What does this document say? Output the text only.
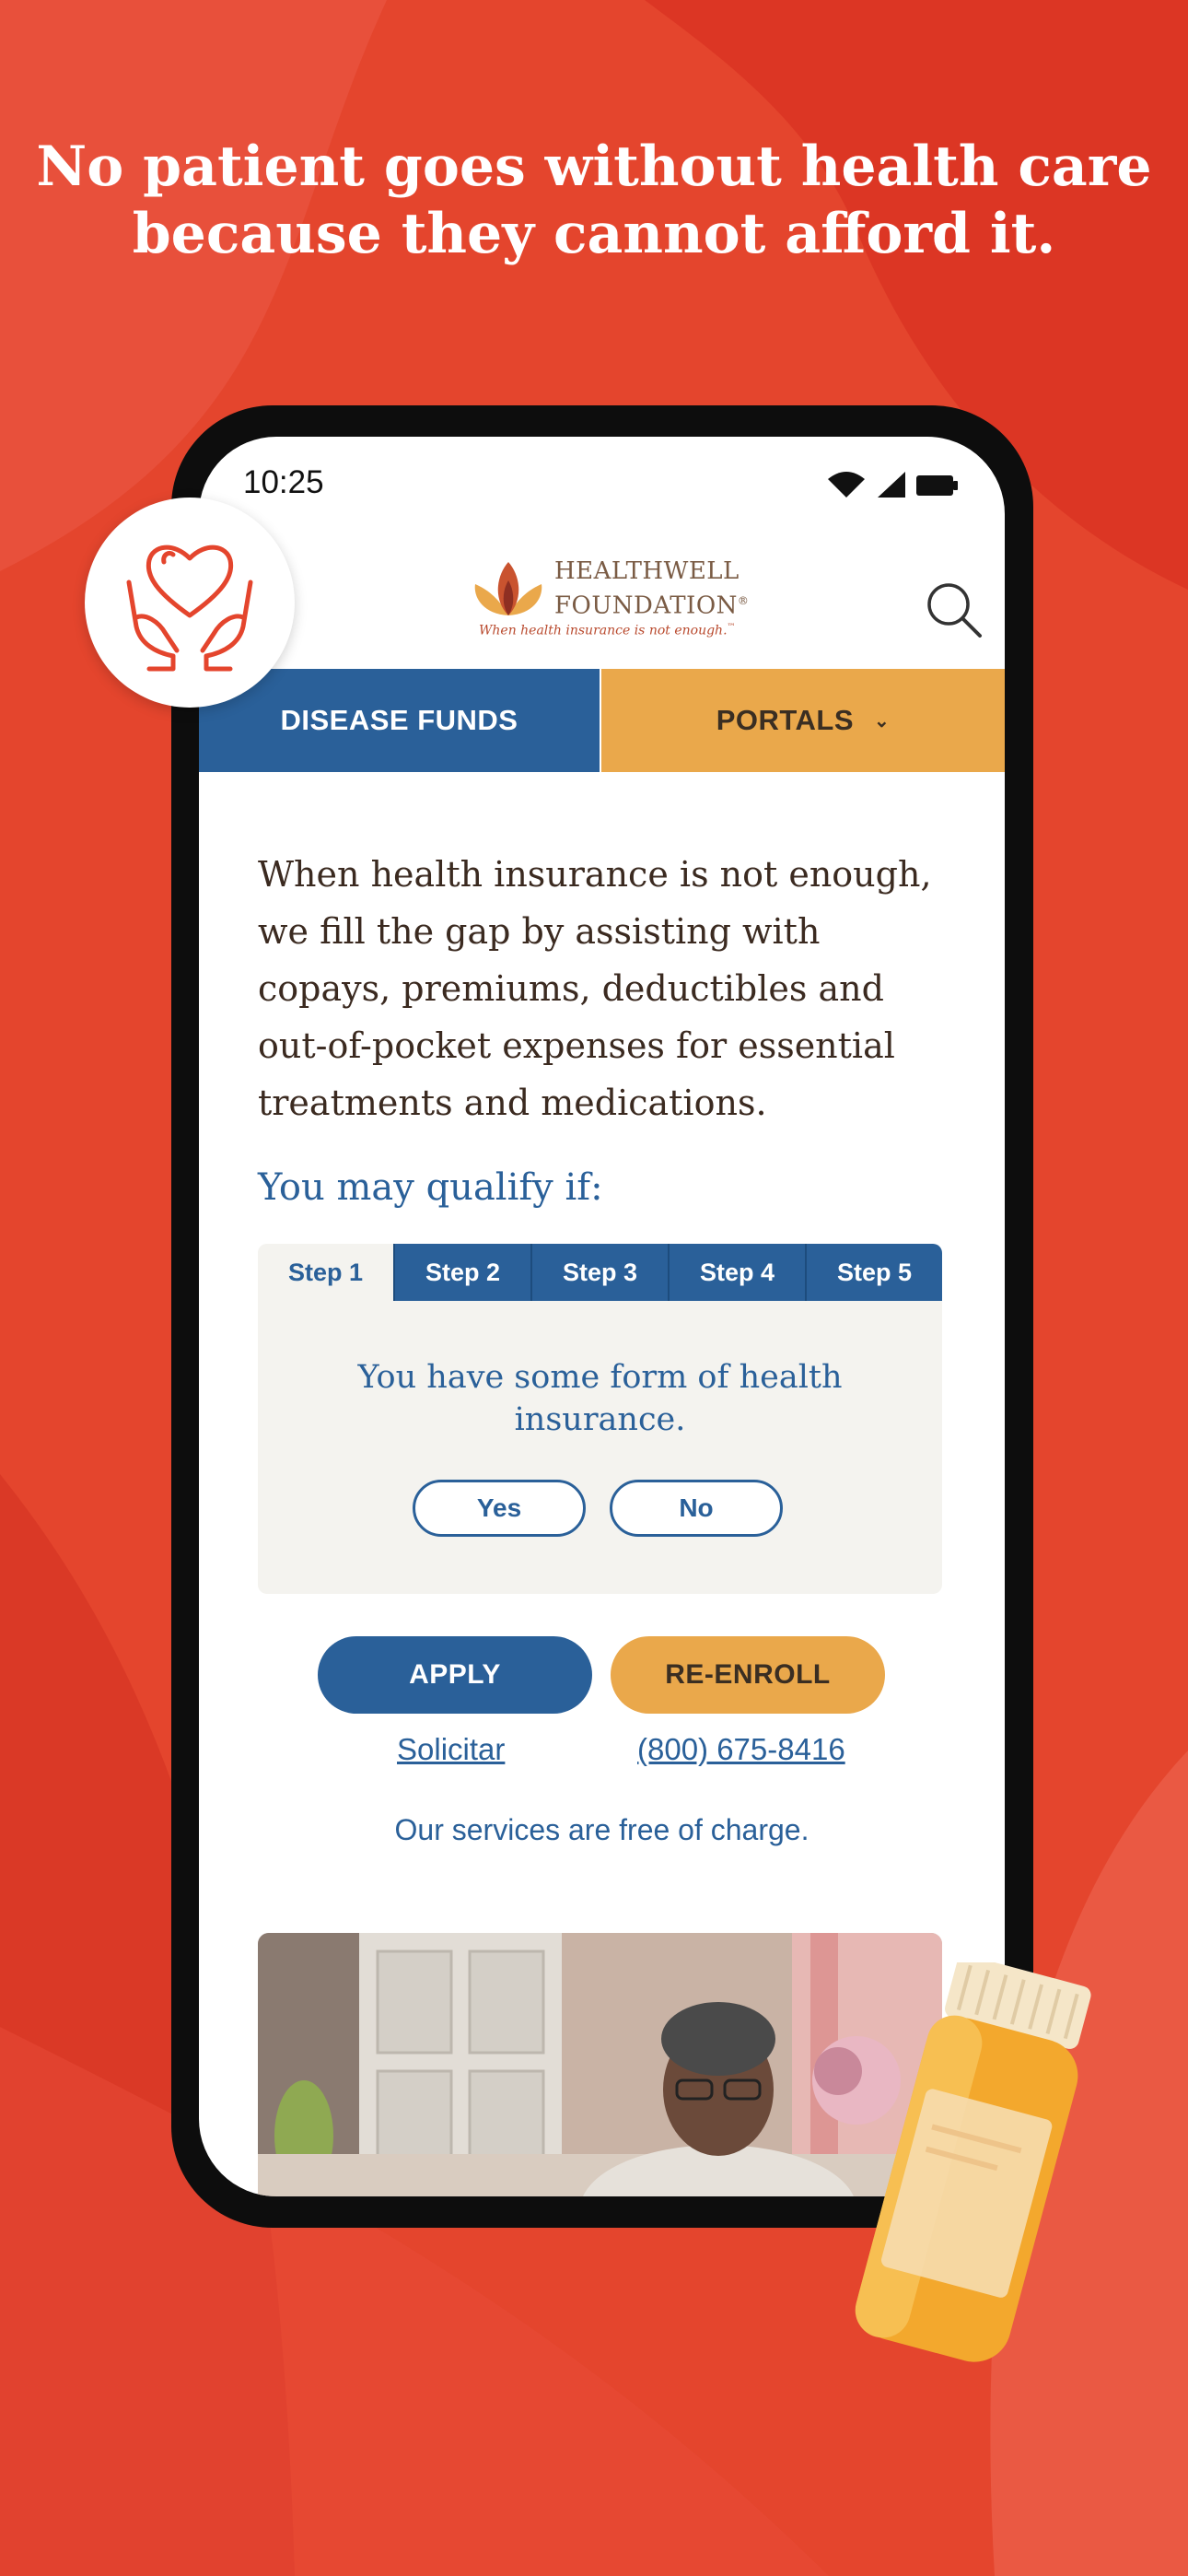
No patient goes without health care
because they cannot afford it.
10:25
HEALTHWELL
FOUNDATION®
When health insurance is not enough.™
DISEASE FUNDS	PORTALS ⌄
When health insurance is not enough, we fill the gap by assisting with copays, premiums, deductibles and out-of-pocket expenses for essential treatments and medications.
You may qualify if:
Step 1	Step 2	Step 3	Step 4	Step 5
You have some form of health insurance.
Yes	No
APPLY	RE-ENROLL
Solicitar	(800) 675-8416
Our services are free of charge.
